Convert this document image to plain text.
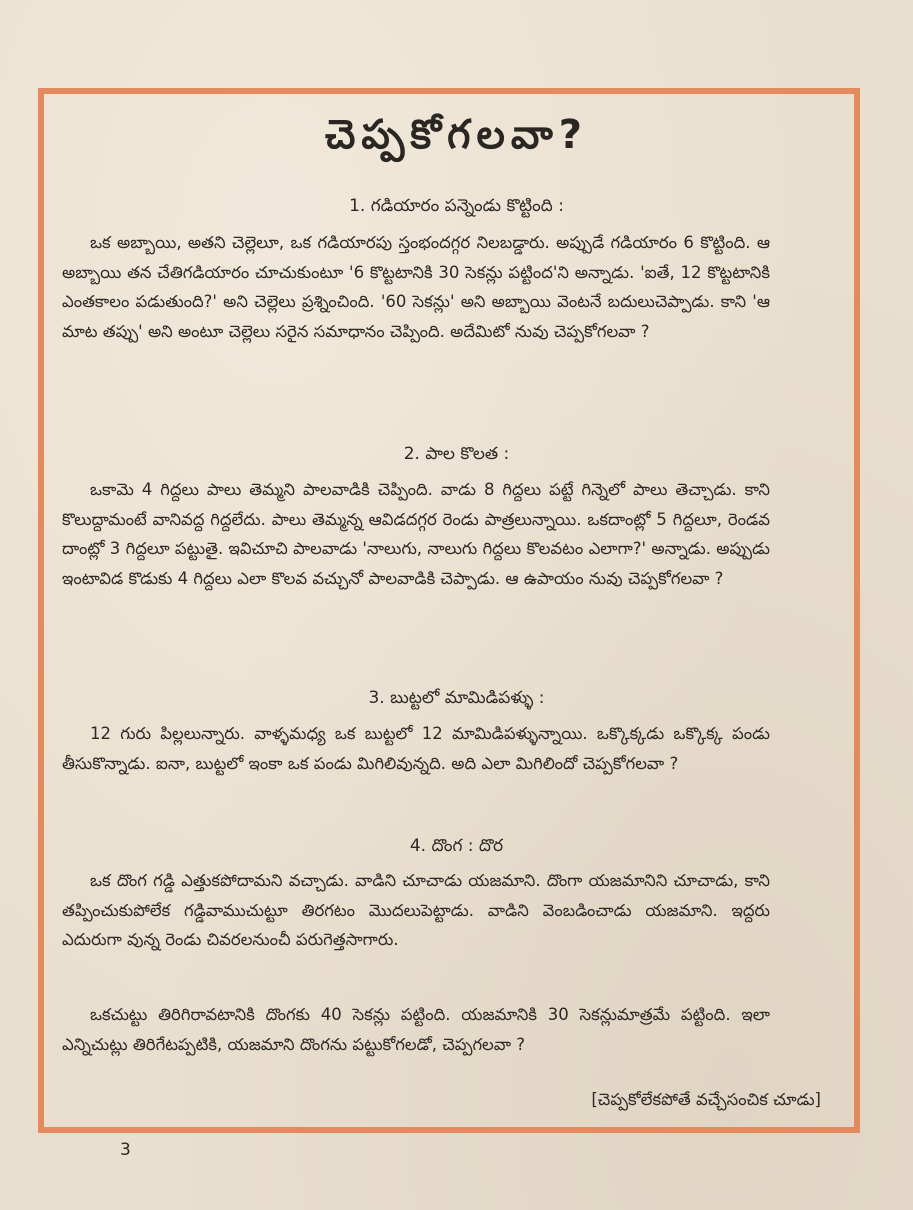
చెప్పకోగలవా?
1. గడియారం పన్నెండు కొట్టింది :
ఒక అబ్బాయి, అతని చెల్లెలూ, ఒక గడియారపు స్తంభందగ్గర నిలబడ్డారు. అప్పుడే గడియారం 6 కొట్టింది. ఆ అబ్బాయి తన చేతిగడియారం చూచుకుంటూ '6 కొట్టటానికి 30 సెకన్లు పట్టింద'ని అన్నాడు. 'ఐతే, 12 కొట్టటానికి ఎంతకాలం పడుతుంది?' అని చెల్లెలు ప్రశ్నించింది. '60 సెకన్లు' అని అబ్బాయి వెంటనే బదులుచెప్పాడు. కాని 'ఆ మాట తప్పు' అని అంటూ చెల్లెలు సరైన సమాధానం చెప్పింది. అదేమిటో నువు చెప్పకోగలవా ?
2. పాల కొలత :
ఒకామె 4 గిద్దలు పాలు తెమ్మని పాలవాడికి చెప్పింది. వాడు 8 గిద్దలు పట్టే గిన్నెలో పాలు తెచ్చాడు. కాని కొలుద్దామంటే వానివద్ద గిద్దలేదు. పాలు తెమ్మన్న ఆవిడదగ్గర రెండు పాత్రలున్నాయి. ఒకదాంట్లో 5 గిద్దలూ, రెండవ దాంట్లో 3 గిద్దలూ పట్టుతై. ఇవిచూచి పాలవాడు 'నాలుగు, నాలుగు గిద్దలు కొలవటం ఎలాగా?' అన్నాడు. అప్పుడు ఇంటావిడ కొడుకు 4 గిద్దలు ఎలా కొలవ వచ్చునో పాలవాడికి చెప్పాడు. ఆ ఉపాయం నువు చెప్పకోగలవా ?
3. బుట్టలో మామిడిపళ్ళు :
12 గురు పిల్లలున్నారు. వాళ్ళమధ్య ఒక బుట్టలో 12 మామిడిపళ్ళున్నాయి. ఒక్కొక్కడు ఒక్కొక్క పండు తీసుకొన్నాడు. ఐనా, బుట్టలో ఇంకా ఒక పండు మిగిలివున్నది. అది ఎలా మిగిలిందో చెప్పకోగలవా ?
4. దొంగ : దొర
ఒక దొంగ గడ్డి ఎత్తుకపోదామని వచ్చాడు. వాడిని చూచాడు యజమాని. దొంగా యజమానిని చూచాడు, కాని తప్పించుకుపోలేక గడ్డివాముచుట్టూ తిరగటం మొదలుపెట్టాడు. వాడిని వెంబడించాడు యజమాని. ఇద్దరు ఎదురుగా వున్న రెండు చివరలనుంచీ పరుగెత్తసాగారు.
ఒకచుట్టు తిరిగిరావటానికి దొంగకు 40 సెకన్లు పట్టింది. యజమానికి 30 సెకన్లుమాత్రమే పట్టింది. ఇలా ఎన్నిచుట్లు తిరిగేటప్పటికి, యజమాని దొంగను పట్టుకోగలడో, చెప్పగలవా ?
[చెప్పకోలేకపోతే వచ్చేసంచిక చూడు]
3
